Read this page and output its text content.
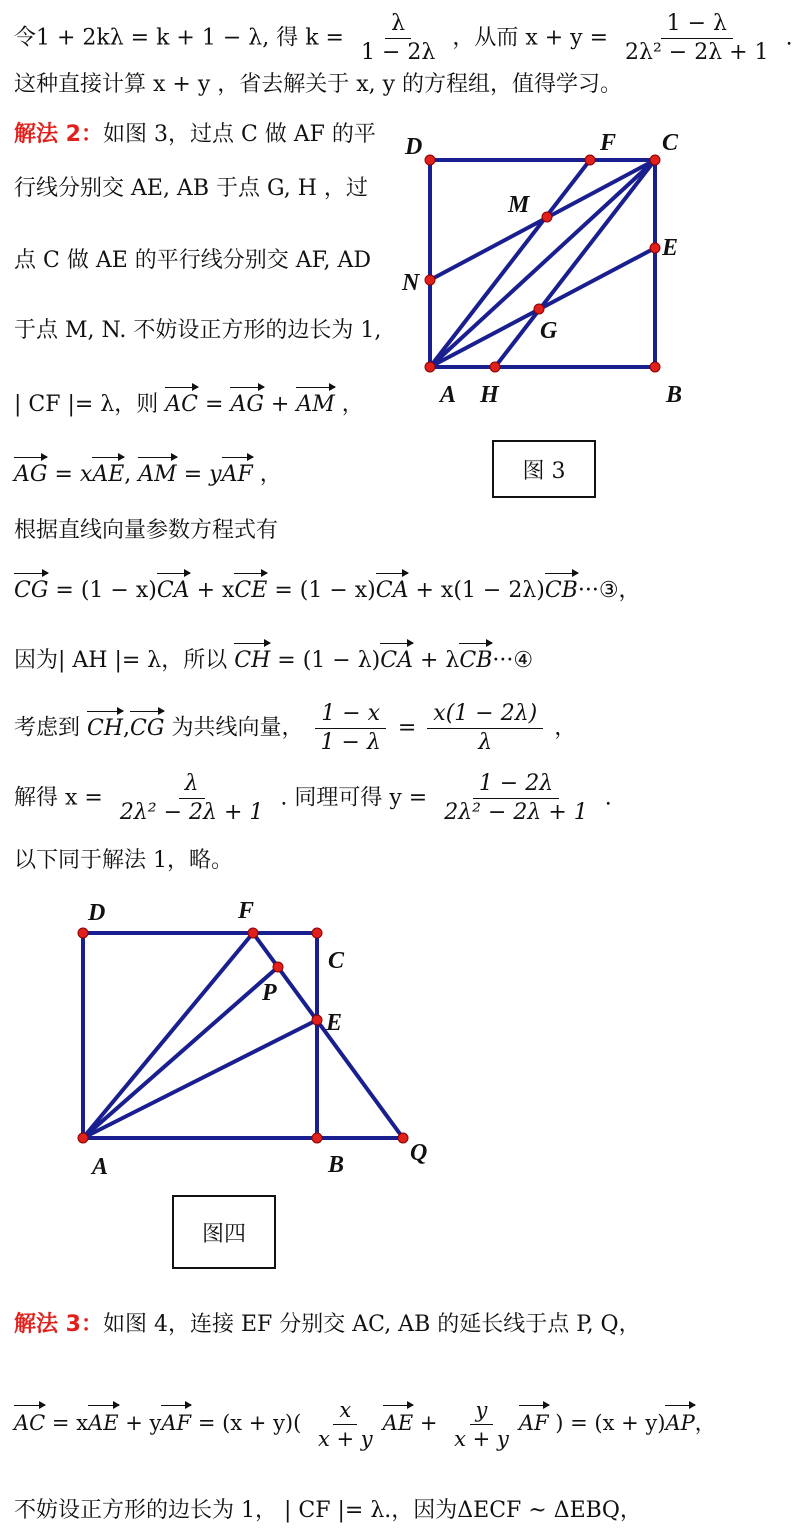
令1 + 2kλ = k + 1 − λ, 得 $k = \frac{\lambda}{1 - 2\lambda}$ ，从而 $x + y = \frac{1 - \lambda}{\text{2λ² − 2λ + 1}}$ .
这种直接计算 x + y ，省去解关于 x, y 的方程组，值得学习。
解法 2：如图 3，过点 C 做 AF 的平
行线分别交 AE, AB 于点 G, H ，过
点 C 做 AE 的平行线分别交 AF, AD
于点 M, N. 不妨设正方形的边长为 1,
| CF |= λ，则 AC = AG + AM ，
AG = xAE, AM = yAF ，
根据直线向量参数方程式有
CG = (1 − x)CA + xCE = (1 − x)CA + x(1 − 2λ)CB···③，
因为| AH |= λ，所以 CH = (1 − λ)CA + λCB···④
考虑到 CH,CG 为共线向量， $\frac{1 - x}{1 - \lambda} = \frac{x(1 - 2\lambda)}{\lambda}$ ，
解得 $x = \frac{\lambda}{\text{2λ² − 2λ + 1}}$ . 同理可得 $y = \frac{1 - 2\lambda}{\text{2λ² − 2λ + 1}}$ .
以下同于解法 1，略。
D	F C
M
E
N
G
A H	B
图 3
D	F
C
P
E
A	B	Q
图四
解法 3：如图 4，连接 EF 分别交 AC, AB 的延长线于点 P, Q，
AC = xAE + yAF = $(x + y)( \frac{x}{x + y}$ AE + $\frac{y}{x + y}$ AF ) = (x + y)AP，
不妨设正方形的边长为 1， | CF |= λ.，因为ΔECF ~ ΔEBQ，
